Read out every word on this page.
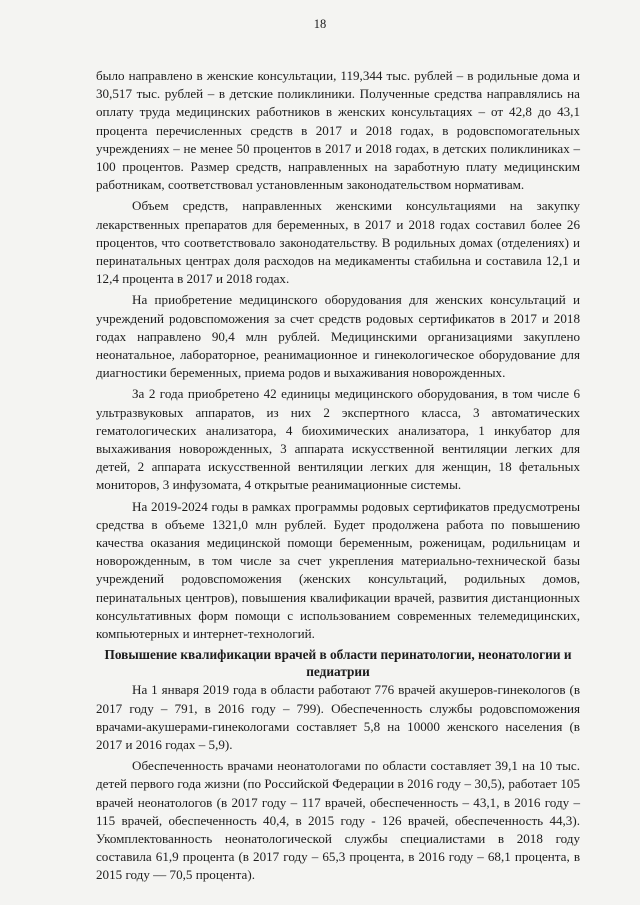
18

было направлено в женские консультации, 119,344 тыс. рублей – в родильные дома и 30,517 тыс. рублей – в детские поликлиники. Полученные средства направлялись на оплату труда медицинских работников в женских консультациях – от 42,8 до 43,1 процента перечисленных средств в 2017 и 2018 годах, в родовспомогательных учреждениях – не менее 50 процентов в 2017 и 2018 годах, в детских поликлиниках – 100 процентов. Размер средств, направленных на заработную плату медицинским работникам, соответствовал установленным законодательством нормативам.

Объем средств, направленных женскими консультациями на закупку лекарственных препаратов для беременных, в 2017 и 2018 годах составил более 26 процентов, что соответствовало законодательству. В родильных домах (отделениях) и перинатальных центрах доля расходов на медикаменты стабильна и составила 12,1 и 12,4 процента в 2017 и 2018 годах.

На приобретение медицинского оборудования для женских консультаций и учреждений родовспоможения за счет средств родовых сертификатов в 2017 и 2018 годах направлено 90,4 млн рублей. Медицинскими организациями закуплено неонатальное, лабораторное, реанимационное и гинекологическое оборудование для диагностики беременных, приема родов и выхаживания новорожденных.

За 2 года приобретено 42 единицы медицинского оборудования, в том числе 6 ультразвуковых аппаратов, из них 2 экспертного класса, 3 автоматических гематологических анализатора, 4 биохимических анализатора, 1 инкубатор для выхаживания новорожденных, 3 аппарата искусственной вентиляции легких для детей, 2 аппарата искусственной вентиляции легких для женщин, 18 фетальных мониторов, 3 инфузомата, 4 открытые реанимационные системы.

На 2019-2024 годы в рамках программы родовых сертификатов предусмотрены средства в объеме 1321,0 млн рублей. Будет продолжена работа по повышению качества оказания медицинской помощи беременным, роженицам, родильницам и новорожденным, в том числе за счет укрепления материально-технической базы учреждений родовспоможения (женских консультаций, родильных домов, перинатальных центров), повышения квалификации врачей, развития дистанционных консультативных форм помощи с использованием современных телемедицинских, компьютерных и интернет-технологий.

Повышение квалификации врачей в области перинатологии, неонатологии и педиатрии

На 1 января 2019 года в области работают 776 врачей акушеров-гинекологов (в 2017 году – 791, в 2016 году – 799). Обеспеченность службы родовспоможения врачами-акушерами-гинекологами составляет 5,8 на 10000 женского населения (в 2017 и 2016 годах – 5,9).

Обеспеченность врачами неонатологами по области составляет 39,1 на 10 тыс. детей первого года жизни (по Российской Федерации в 2016 году – 30,5), работает 105 врачей неонатологов (в 2017 году – 117 врачей, обеспеченность – 43,1, в 2016 году – 115 врачей, обеспеченность 40,4, в 2015 году - 126 врачей, обеспеченность 44,3). Укомплектованность неонатологической службы специалистами в 2018 году составила 61,9 процента (в 2017 году – 65,3 процента, в 2016 году – 68,1 процента, в 2015 году — 70,5 процента).
